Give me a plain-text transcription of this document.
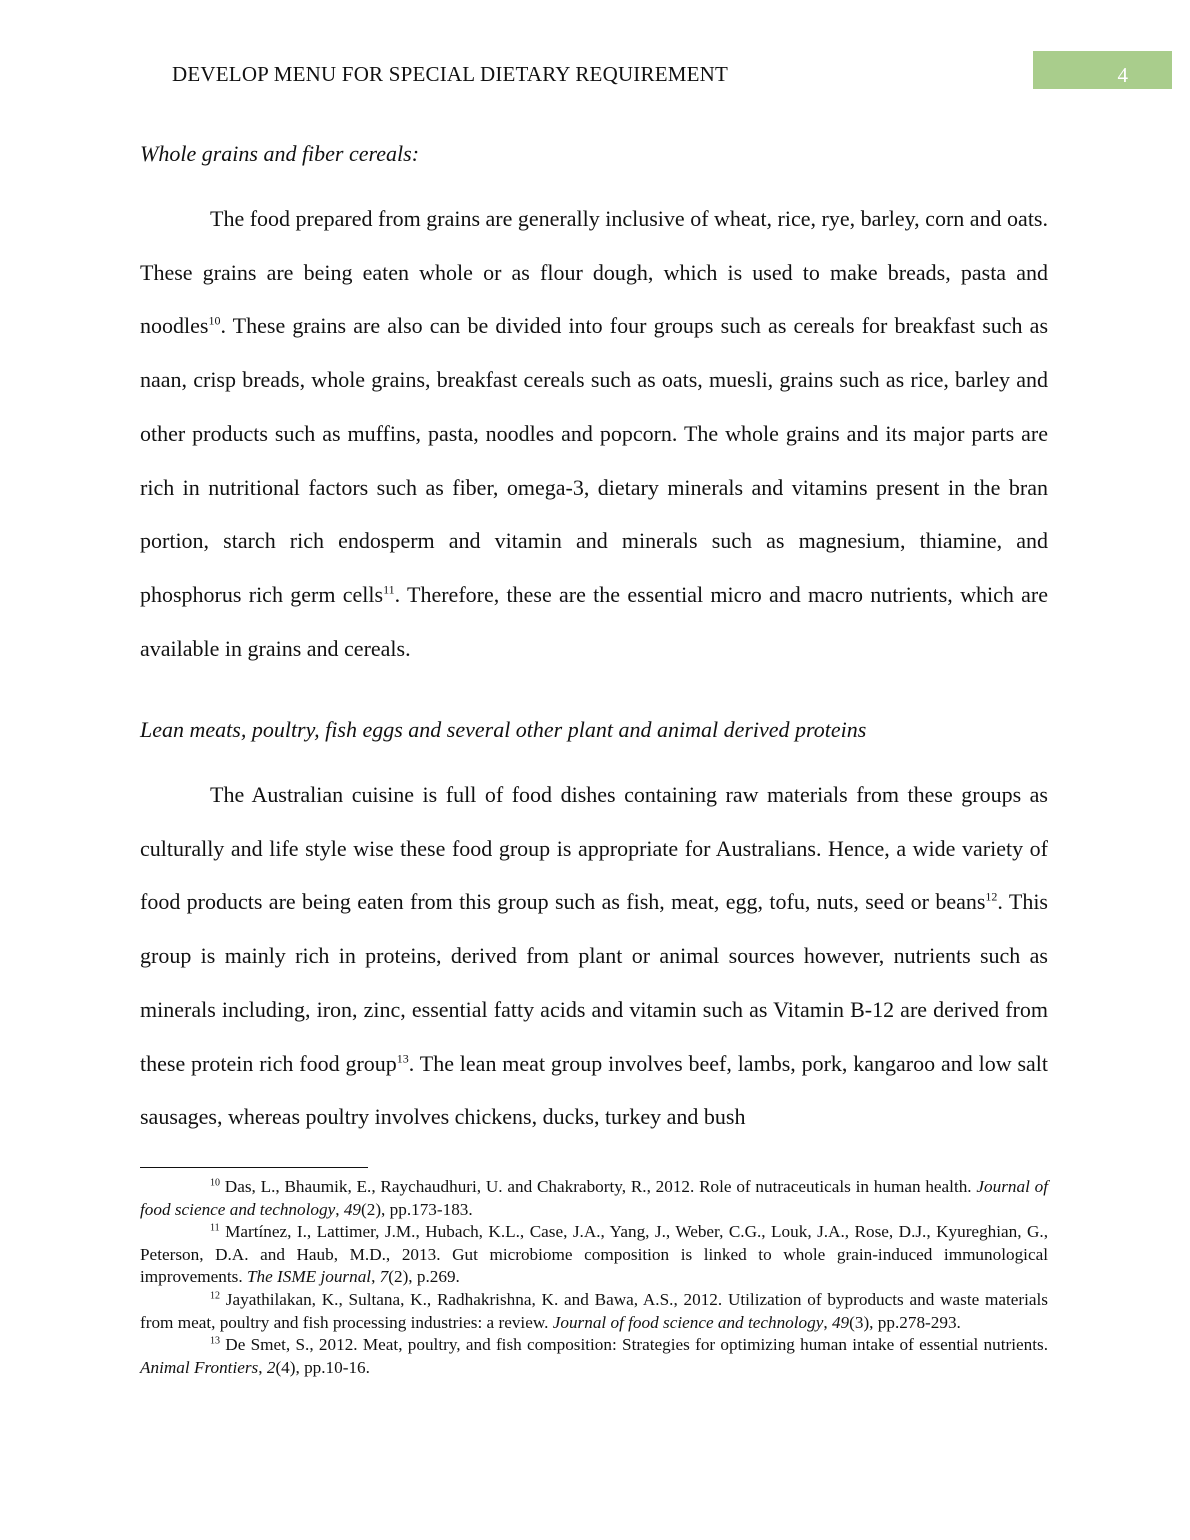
DEVELOP MENU FOR SPECIAL DIETARY REQUIREMENT	4
Whole grains and fiber cereals:

The food prepared from grains are generally inclusive of wheat, rice, rye, barley, corn and oats. These grains are being eaten whole or as flour dough, which is used to make breads, pasta and noodles$^{10}$. These grains are also can be divided into four groups such as cereals for breakfast such as naan, crisp breads, whole grains, breakfast cereals such as oats, muesli, grains such as rice, barley and other products such as muffins, pasta, noodles and popcorn. The whole grains and its major parts are rich in nutritional factors such as fiber, omega-3, dietary minerals and vitamins present in the bran portion, starch rich endosperm and vitamin and minerals such as magnesium, thiamine, and phosphorus rich germ cells$^{11}$. Therefore, these are the essential micro and macro nutrients, which are available in grains and cereals.

Lean meats, poultry, fish eggs and several other plant and animal derived proteins

The Australian cuisine is full of food dishes containing raw materials from these groups as culturally and life style wise these food group is appropriate for Australians. Hence, a wide variety of food products are being eaten from this group such as fish, meat, egg, tofu, nuts, seed or beans$^{12}$. This group is mainly rich in proteins, derived from plant or animal sources however, nutrients such as minerals including, iron, zinc, essential fatty acids and vitamin such as Vitamin B-12 are derived from these protein rich food group$^{13}$. The lean meat group involves beef, lambs, pork, kangaroo and low salt sausages, whereas poultry involves chickens, ducks, turkey and bush

$^{10}$ Das, L., Bhaumik, E., Raychaudhuri, U. and Chakraborty, R., 2012. Role of nutraceuticals in human health. Journal of food science and technology, 49(2), pp.173-183.

$^{11}$ Martínez, I., Lattimer, J.M., Hubach, K.L., Case, J.A., Yang, J., Weber, C.G., Louk, J.A., Rose, D.J., Kyureghian, G., Peterson, D.A. and Haub, M.D., 2013. Gut microbiome composition is linked to whole grain-induced immunological improvements. The ISME journal, 7(2), p.269.

$^{12}$ Jayathilakan, K., Sultana, K., Radhakrishna, K. and Bawa, A.S., 2012. Utilization of byproducts and waste materials from meat, poultry and fish processing industries: a review. Journal of food science and technology, 49(3), pp.278-293.

$^{13}$ De Smet, S., 2012. Meat, poultry, and fish composition: Strategies for optimizing human intake of essential nutrients. Animal Frontiers, 2(4), pp.10-16.
